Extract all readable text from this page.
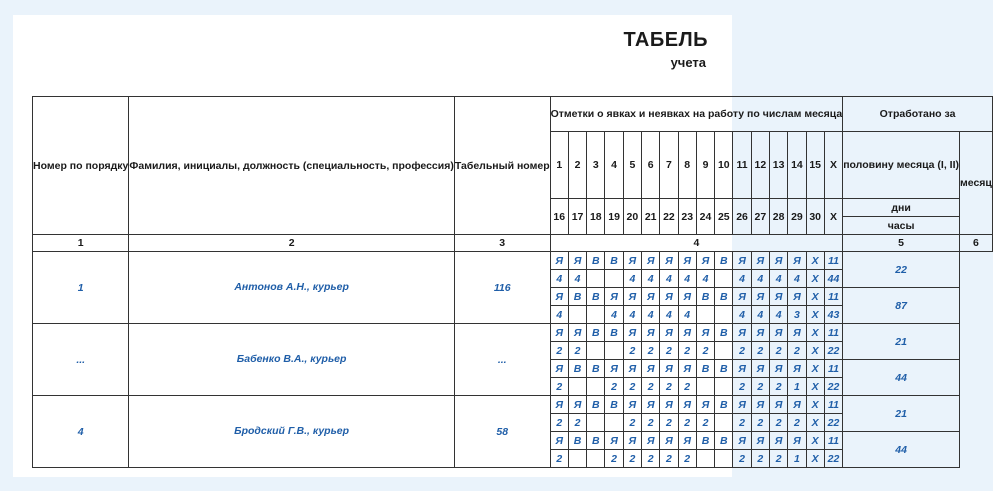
ТАБЕЛЬ
учета
Номер по порядку	Фамилия, инициалы, должность (специальность, профессия)	Табельный номер	Отметки о явках и неявках на работу по числам месяца																Отработано за	
			1	2	3	4	5	6	7	8	9	10	11	12	13	14	15	Х	половину месяца (I, II)	месяц
			16	17	18	19	20	21	22	23	24	25	26	27	28	29	30	Х	дни	
																			часы	
1	2	3	4																5	6
1	Антонов А.Н., курьер	116	Я	Я	В	В	Я	Я	Я	Я	Я	В	Я	Я	Я	Я	Х	11	22	
			4	4			4	4	4	4	4		4	4	4	4	Х	44		
			Я	В	В	Я	Я	Я	Я	Я	В	В	Я	Я	Я	Я	Х	11	87	
			4			4	4	4	4	4			4	4	4	3	Х	43		
...	Бабенко В.А., курьер	...	Я	Я	В	В	Я	Я	Я	Я	Я	В	Я	Я	Я	Я	Х	11	21	
			2	2			2	2	2	2	2		2	2	2	2	Х	22		
			Я	В	В	Я	Я	Я	Я	Я	В	В	Я	Я	Я	Я	Х	11	44	
			2			2	2	2	2	2			2	2	2	1	Х	22		
4	Бродский Г.В., курьер	58	Я	Я	В	В	Я	Я	Я	Я	Я	В	Я	Я	Я	Я	Х	11	21	
			2	2			2	2	2	2	2		2	2	2	2	Х	22		
			Я	В	В	Я	Я	Я	Я	Я	В	В	Я	Я	Я	Я	Х	11	44	
			2			2	2	2	2	2			2	2	2	1	Х	22		
